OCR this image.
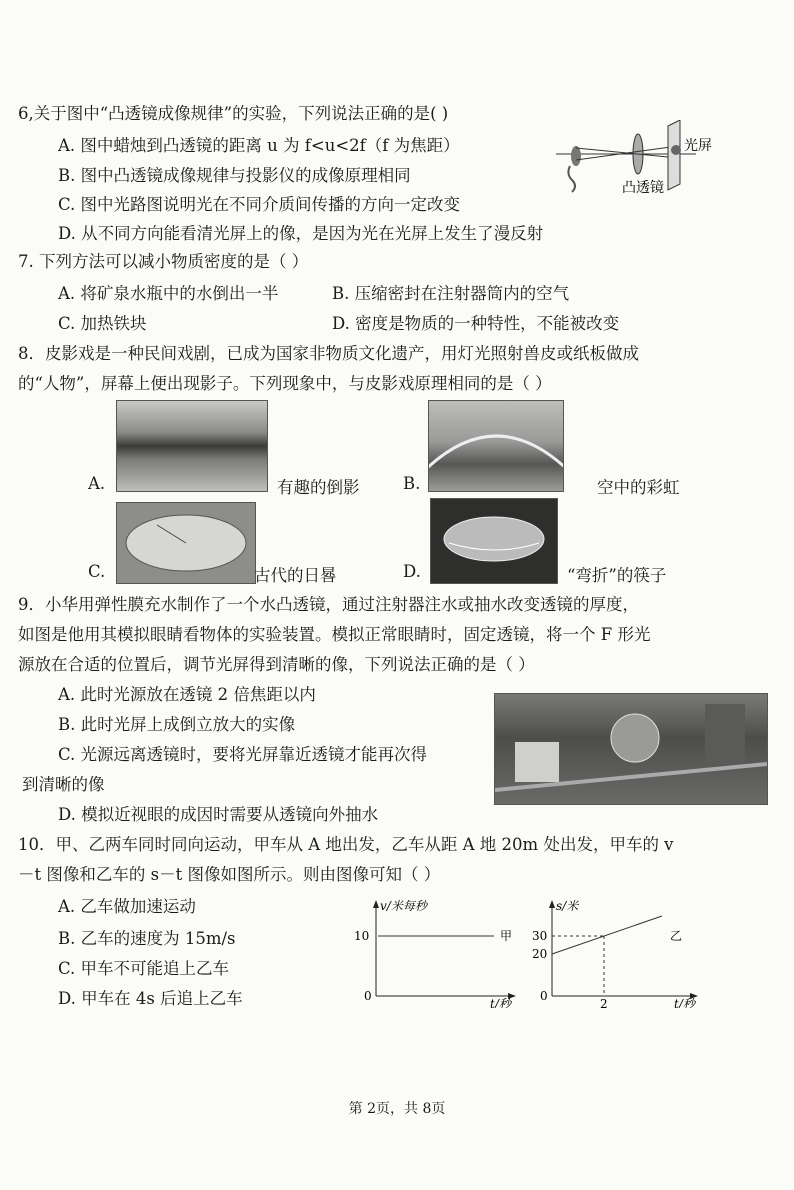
6,关于图中“凸透镜成像规律”的实验，下列说法正确的是( )
A. 图中蜡烛到凸透镜的距离 u 为 f<u<2f（f 为焦距）
B. 图中凸透镜成像规律与投影仪的成像原理相同
C. 图中光路图说明光在不同介质间传播的方向一定改变
D. 从不同方向能看清光屏上的像，是因为光在光屏上发生了漫反射
光屏
凸透镜
7. 下列方法可以减小物质密度的是（ ）
A. 将矿泉水瓶中的水倒出一半	B. 压缩密封在注射器筒内的空气
C. 加热铁块	D. 密度是物质的一种特性，不能被改变
8．皮影戏是一种民间戏剧，已成为国家非物质文化遗产，用灯光照射兽皮或纸板做成
的“人物”，屏幕上便出现影子。下列现象中，与皮影戏原理相同的是（ ）
A.	有趣的倒影	B.	空中的彩虹
C.	古代的日晷	D.	“弯折”的筷子
9．小华用弹性膜充水制作了一个水凸透镜，通过注射器注水或抽水改变透镜的厚度，
如图是他用其模拟眼睛看物体的实验装置。模拟正常眼睛时，固定透镜，将一个 F 形光
源放在合适的位置后，调节光屏得到清晰的像，下列说法正确的是（ ）
A. 此时光源放在透镜 2 倍焦距以内
B. 此时光屏上成倒立放大的实像
C. 光源远离透镜时，要将光屏靠近透镜才能再次得
到清晰的像
D. 模拟近视眼的成因时需要从透镜向外抽水
10．甲、乙两车同时同向运动，甲车从 A 地出发，乙车从距 A 地 20m 处出发，甲车的 v
－t 图像和乙车的 s－t 图像如图所示。则由图像可知（ ）
A. 乙车做加速运动
B. 乙车的速度为 15m/s
C. 甲车不可能追上乙车
D. 甲车在 4s 后追上乙车
v/米每秒
t/秒
0
10	甲
s/米
t/秒
0
20
30
2
乙
第 2页，共 8页
